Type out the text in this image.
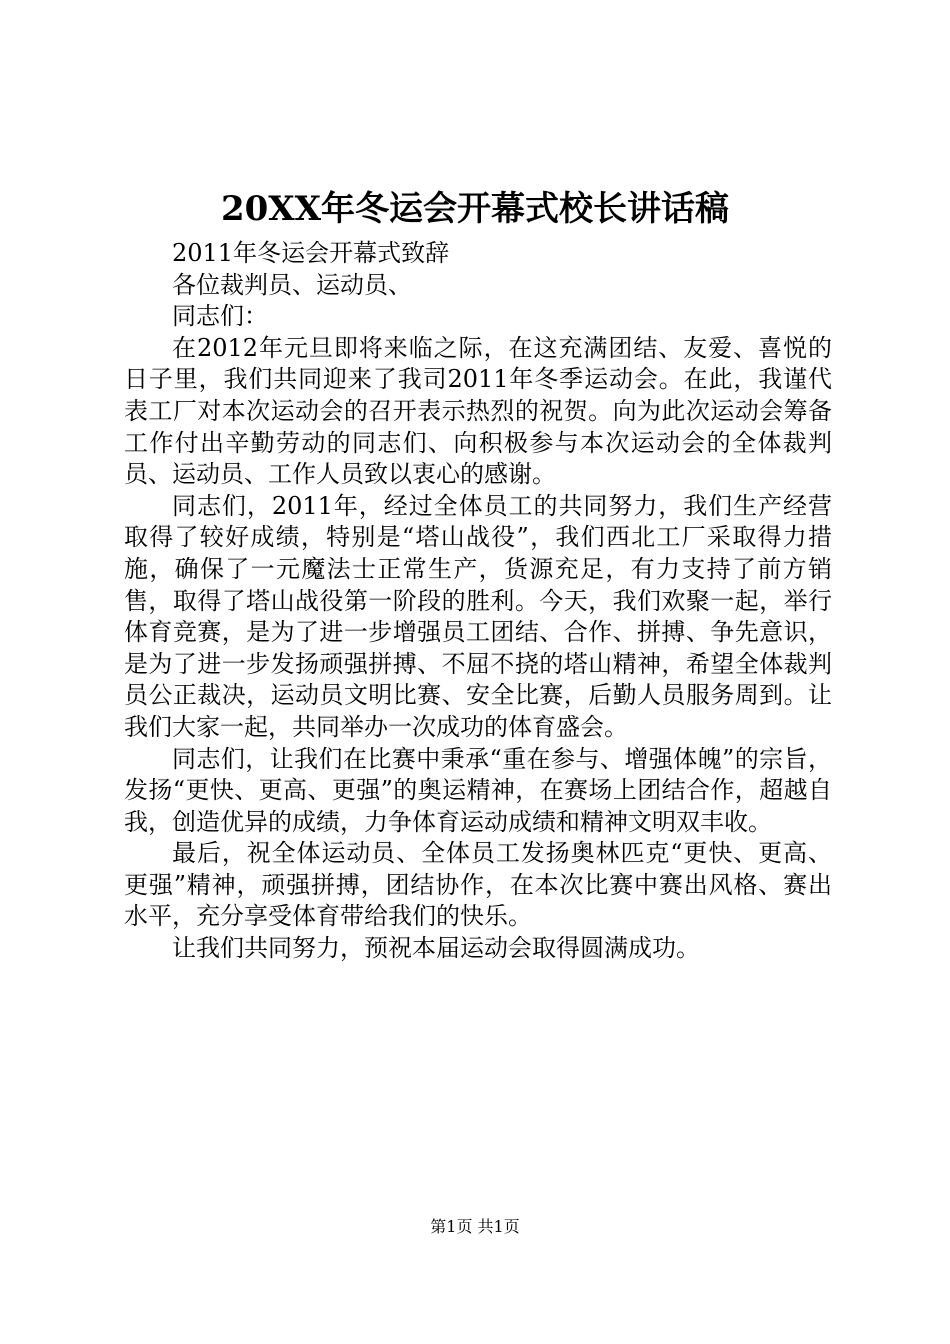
20XX年冬运会开幕式校长讲话稿

2011年冬运会开幕式致辞

各位裁判员、运动员、

同志们：

在2012年元旦即将来临之际，在这充满团结、友爱、喜悦的日子里，我们共同迎来了我司2011年冬季运动会。在此，我谨代表工厂对本次运动会的召开表示热烈的祝贺。向为此次运动会筹备工作付出辛勤劳动的同志们、向积极参与本次运动会的全体裁判员、运动员、工作人员致以衷心的感谢。

同志们，2011年，经过全体员工的共同努力，我们生产经营取得了较好成绩，特别是“塔山战役”，我们西北工厂采取得力措施，确保了一元魔法士正常生产，货源充足，有力支持了前方销售，取得了塔山战役第一阶段的胜利。今天，我们欢聚一起，举行体育竞赛，是为了进一步增强员工团结、合作、拼搏、争先意识，是为了进一步发扬顽强拼搏、不屈不挠的塔山精神，希望全体裁判员公正裁决，运动员文明比赛、安全比赛，后勤人员服务周到。让我们大家一起，共同举办一次成功的体育盛会。

同志们，让我们在比赛中秉承“重在参与、增强体魄”的宗旨，发扬“更快、更高、更强”的奥运精神，在赛场上团结合作，超越自我，创造优异的成绩，力争体育运动成绩和精神文明双丰收。

最后，祝全体运动员、全体员工发扬奥林匹克“更快、更高、更强”精神，顽强拼搏，团结协作，在本次比赛中赛出风格、赛出水平，充分享受体育带给我们的快乐。

让我们共同努力，预祝本届运动会取得圆满成功。

第1页 共1页
